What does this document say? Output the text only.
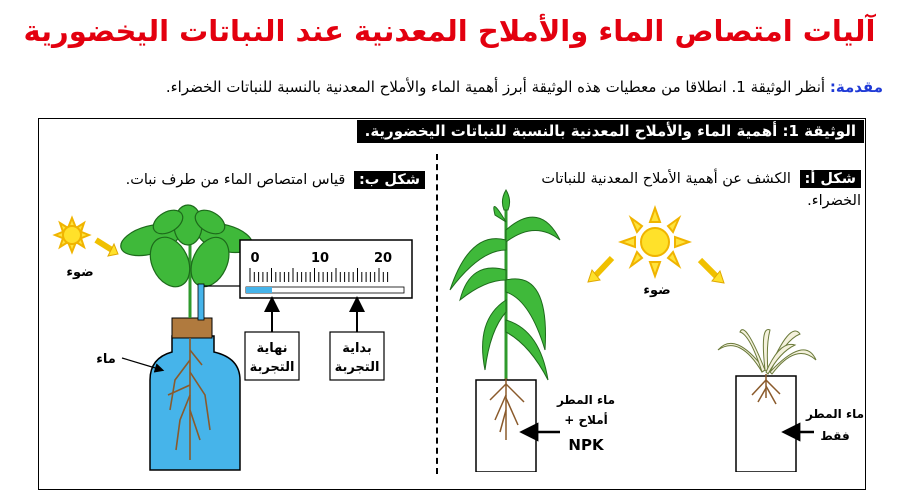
آليات امتصاص الماء والأملاح المعدنية عند النباتات اليخضورية
مقدمة: أنظر الوثيقة 1. انطلاقا من معطيات هذه الوثيقة أبرز أهمية الماء والأملاح المعدنية بالنسبة للنباتات الخضراء.
الوثيقة 1: أهمية الماء والأملاح المعدنية بالنسبة للنباتات اليخضورية.
شكل ب: قياس امتصاص الماء من طرف نبات.	شكل أ: الكشف عن أهمية الأملاح المعدنية للنباتات الخضراء.
ضوء
ماء
0	10	20
نهاية
التجربة
بداية
التجربة
ضوء
ماء المطر
+ أملاح
NPK
ماء المطر
فقط
